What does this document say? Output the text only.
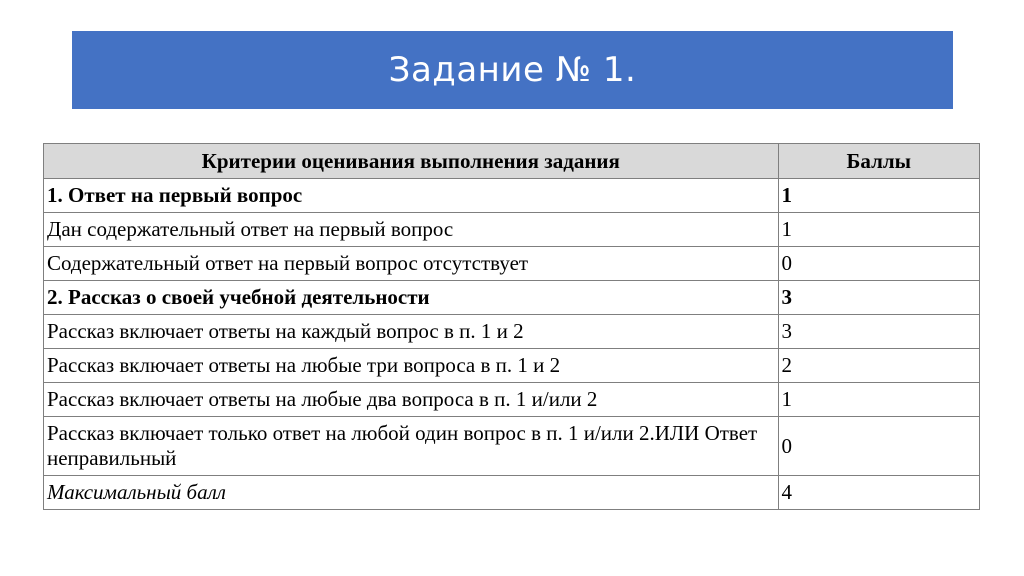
Задание № 1.
Критерии оценивания выполнения задания	Баллы
1. Ответ на первый вопрос	1
Дан содержательный ответ на первый вопрос	1
Содержательный ответ на первый вопрос отсутствует	0
2. Рассказ о своей учебной деятельности	3
Рассказ включает ответы на каждый вопрос в п. 1 и 2	3
Рассказ включает ответы на любые три вопроса в п. 1 и 2	2
Рассказ включает ответы на любые два вопроса в п. 1 и/или 2	1
Рассказ включает только ответ на любой один вопрос в п. 1 и/или 2.ИЛИ Ответ неправильный	0
Максимальный балл	4
